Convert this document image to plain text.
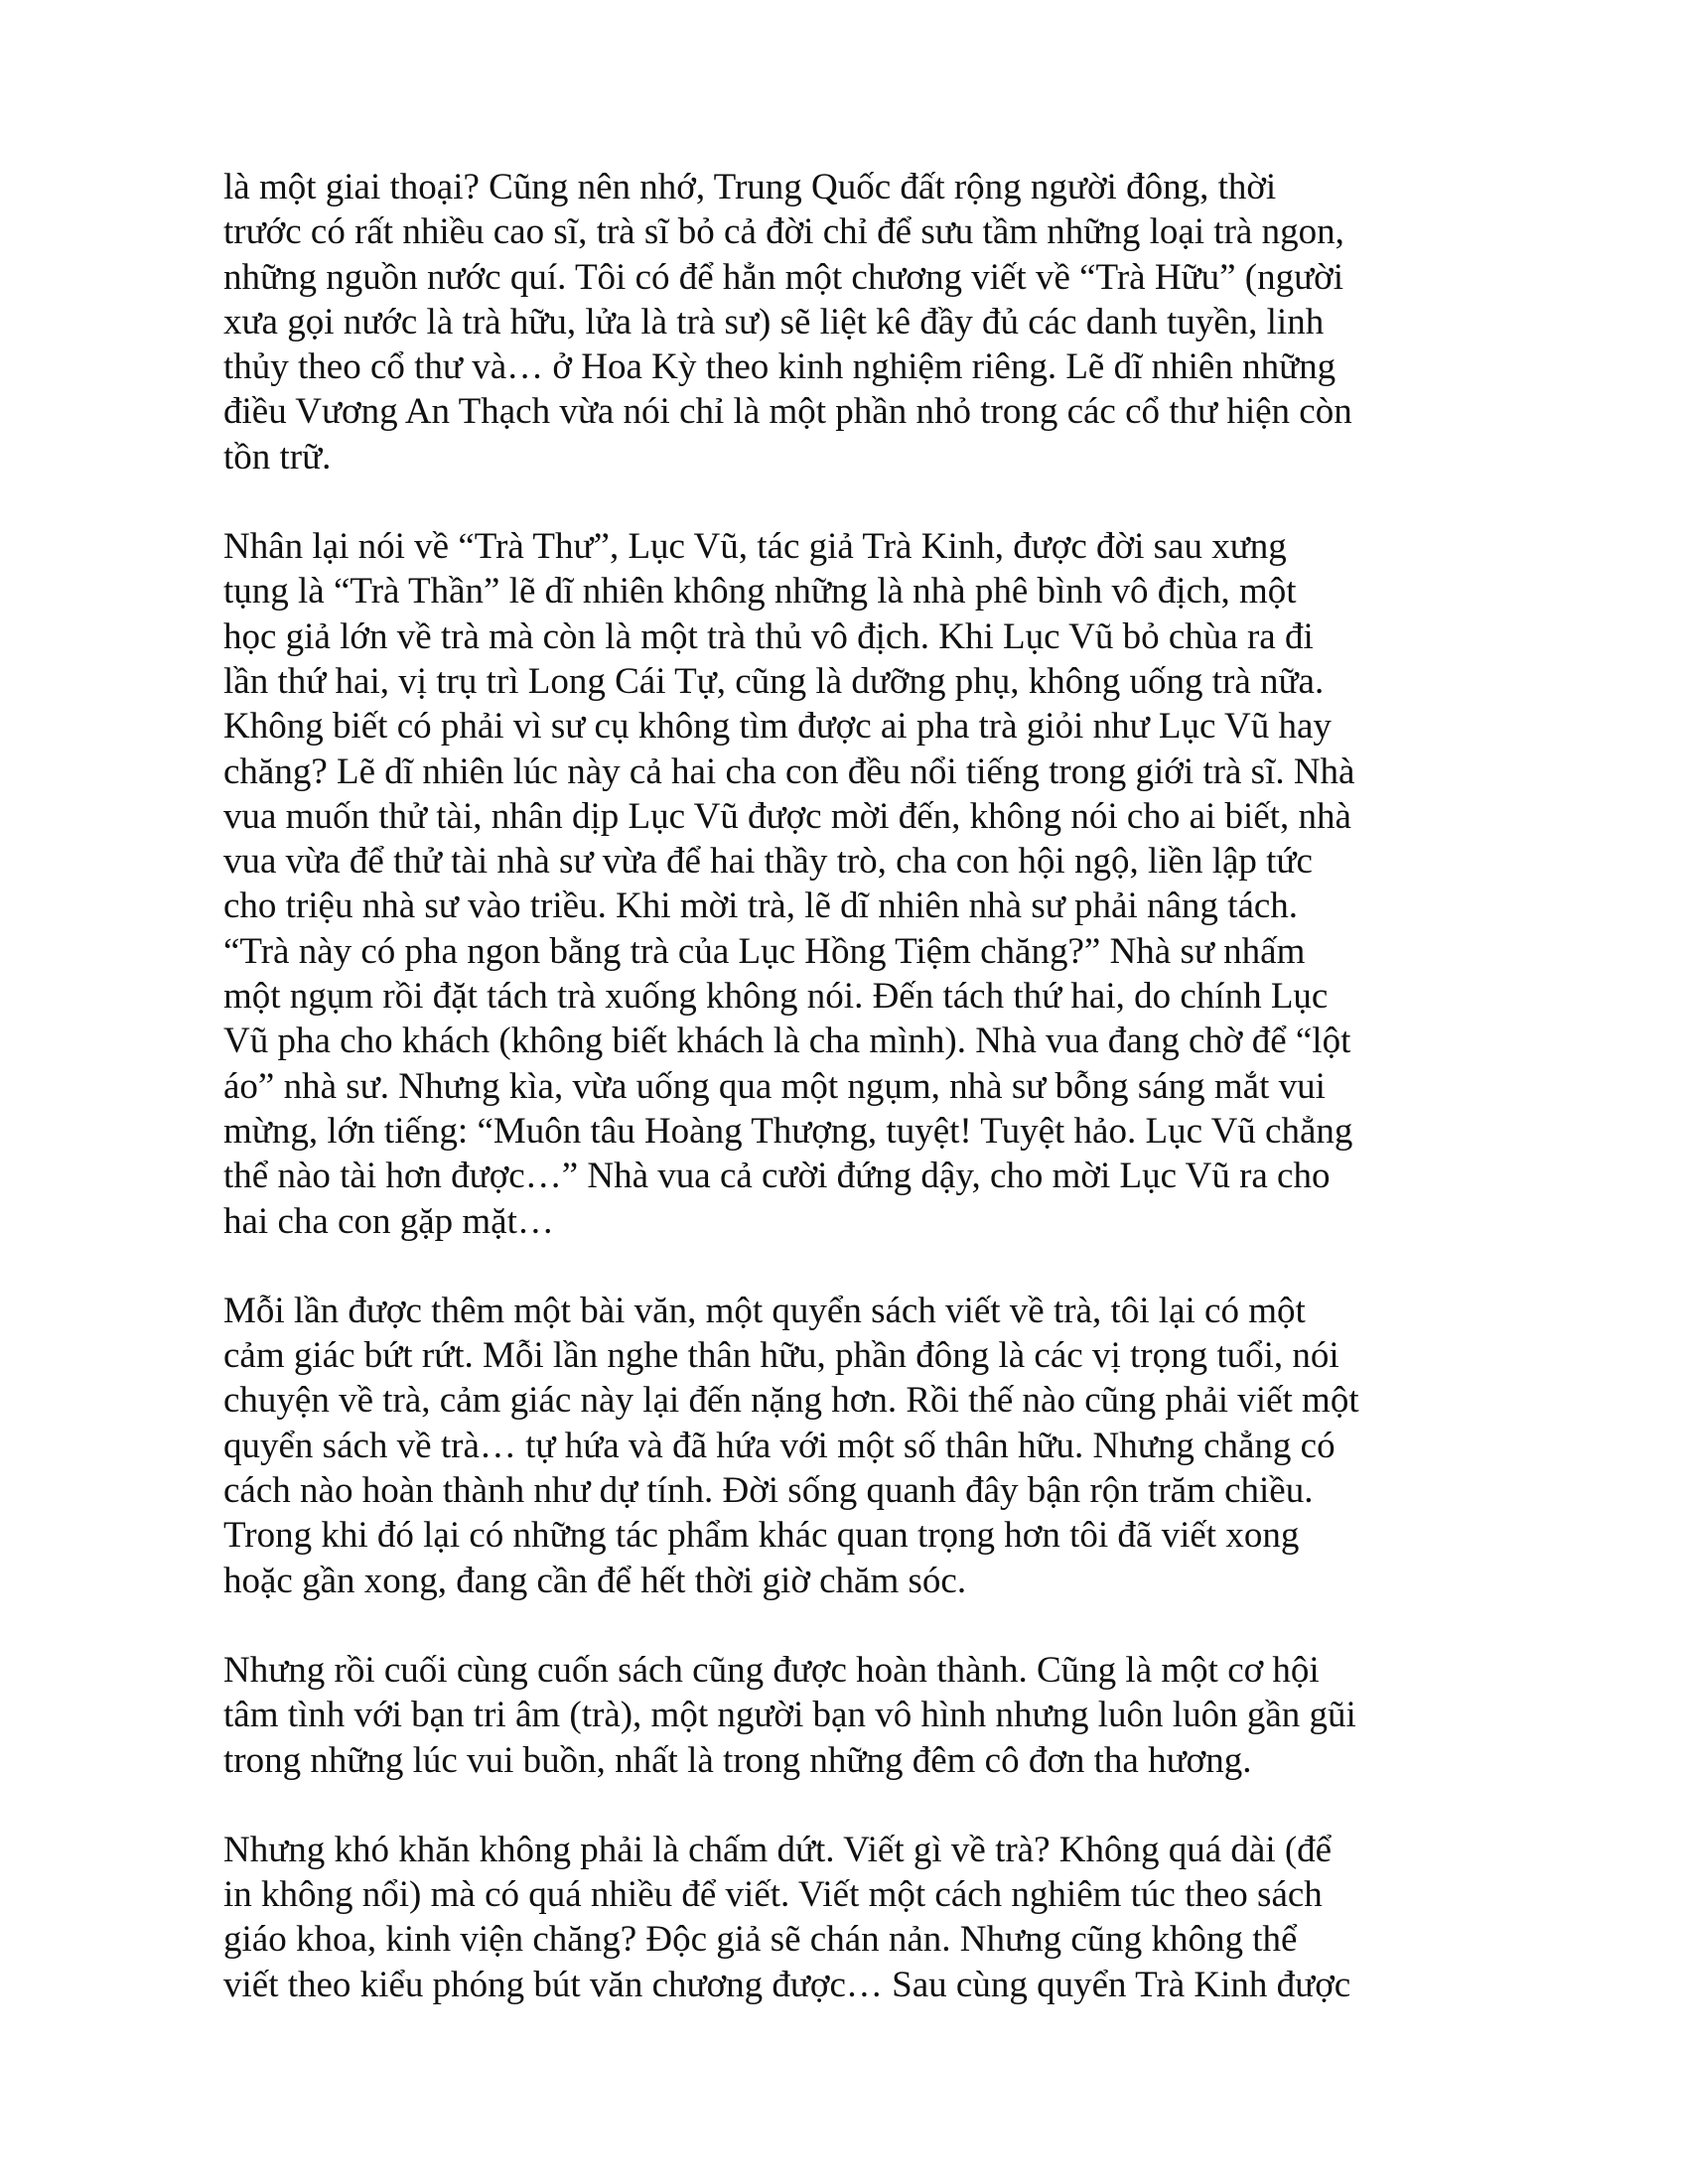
là một giai thoại? Cũng nên nhớ, Trung Quốc đất rộng người đông, thời
trước có rất nhiều cao sĩ, trà sĩ bỏ cả đời chỉ để sưu tầm những loại trà ngon,
những nguồn nước quí. Tôi có để hẳn một chương viết về “Trà Hữu” (người
xưa gọi nước là trà hữu, lửa là trà sư) sẽ liệt kê đầy đủ các danh tuyền, linh
thủy theo cổ thư và… ở Hoa Kỳ theo kinh nghiệm riêng. Lẽ dĩ nhiên những
điều Vương An Thạch vừa nói chỉ là một phần nhỏ trong các cổ thư hiện còn
tồn trữ.

Nhân lại nói về “Trà Thư”, Lục Vũ, tác giả Trà Kinh, được đời sau xưng
tụng là “Trà Thần” lẽ dĩ nhiên không những là nhà phê bình vô địch, một
học giả lớn về trà mà còn là một trà thủ vô địch. Khi Lục Vũ bỏ chùa ra đi
lần thứ hai, vị trụ trì Long Cái Tự, cũng là dưỡng phụ, không uống trà nữa.
Không biết có phải vì sư cụ không tìm được ai pha trà giỏi như Lục Vũ hay
chăng? Lẽ dĩ nhiên lúc này cả hai cha con đều nổi tiếng trong giới trà sĩ. Nhà
vua muốn thử tài, nhân dịp Lục Vũ được mời đến, không nói cho ai biết, nhà
vua vừa để thử tài nhà sư vừa để hai thầy trò, cha con hội ngộ, liền lập tức
cho triệu nhà sư vào triều. Khi mời trà, lẽ dĩ nhiên nhà sư phải nâng tách.
“Trà này có pha ngon bằng trà của Lục Hồng Tiệm chăng?” Nhà sư nhấm
một ngụm rồi đặt tách trà xuống không nói. Đến tách thứ hai, do chính Lục
Vũ pha cho khách (không biết khách là cha mình). Nhà vua đang chờ để “lột
áo” nhà sư. Nhưng kìa, vừa uống qua một ngụm, nhà sư bỗng sáng mắt vui
mừng, lớn tiếng: “Muôn tâu Hoàng Thượng, tuyệt! Tuyệt hảo. Lục Vũ chẳng
thể nào tài hơn được…” Nhà vua cả cười đứng dậy, cho mời Lục Vũ ra cho
hai cha con gặp mặt…

Mỗi lần được thêm một bài văn, một quyển sách viết về trà, tôi lại có một
cảm giác bứt rứt. Mỗi lần nghe thân hữu, phần đông là các vị trọng tuổi, nói
chuyện về trà, cảm giác này lại đến nặng hơn. Rồi thế nào cũng phải viết một
quyển sách về trà… tự hứa và đã hứa với một số thân hữu. Nhưng chẳng có
cách nào hoàn thành như dự tính. Đời sống quanh đây bận rộn trăm chiều.
Trong khi đó lại có những tác phẩm khác quan trọng hơn tôi đã viết xong
hoặc gần xong, đang cần để hết thời giờ chăm sóc.

Nhưng rồi cuối cùng cuốn sách cũng được hoàn thành. Cũng là một cơ hội
tâm tình với bạn tri âm (trà), một người bạn vô hình nhưng luôn luôn gần gũi
trong những lúc vui buồn, nhất là trong những đêm cô đơn tha hương.

Nhưng khó khăn không phải là chấm dứt. Viết gì về trà? Không quá dài (để
in không nổi) mà có quá nhiều để viết. Viết một cách nghiêm túc theo sách
giáo khoa, kinh viện chăng? Độc giả sẽ chán nản. Nhưng cũng không thể
viết theo kiểu phóng bút văn chương được… Sau cùng quyển Trà Kinh được
